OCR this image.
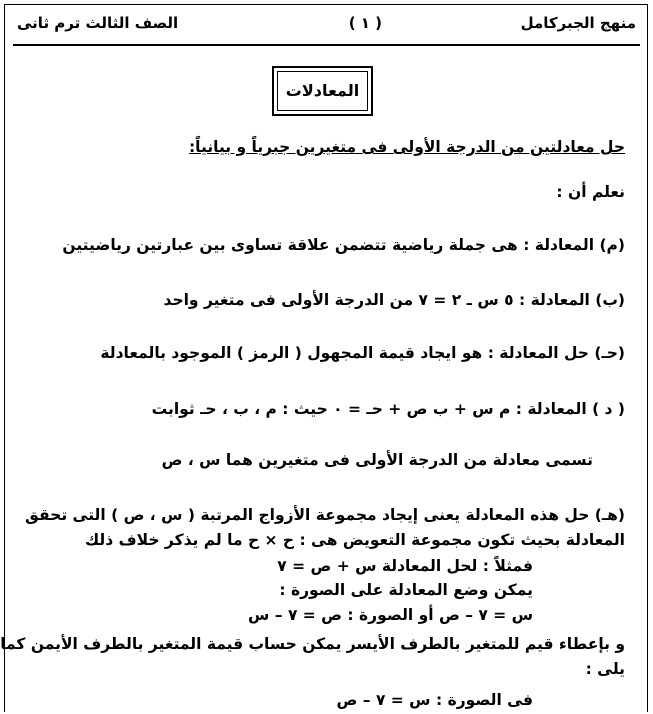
منهج الجبركامل
( ١ )
الصف الثالث ترم ثانى
المعادلات
حل معادلتين من الدرجة الأولى فى متغيرين جبرياً و بيانياً:
نعلم أن :
(م) المعادلة : هى جملة رياضية تتضمن علاقة تساوى بين عبارتين رياضيتين
(ب) المعادلة : ٥ س ـ ٢ = ٧ من الدرجة الأولى فى متغير واحد
(حـ) حل المعادلة : هو ايجاد قيمة المجهول ( الرمز ) الموجود بالمعادلة
( د ) المعادلة : م س + ب ص + حـ = ٠ حيث : م ، ب ، حـ ثوابت
تسمى معادلة من الدرجة الأولى فى متغيرين هما س ، ص
(هـ) حل هذه المعادلة يعنى إيجاد مجموعة الأزواج المرتبة ( س ، ص ) التى تحقق
المعادلة بحيث تكون مجموعة التعويض هى : ح × ح ما لم يذكر خلاف ذلك
فمثلاً : لحل المعادلة س + ص = ٧
يمكن وضع المعادلة على الصورة :
س = ٧ – ص أو الصورة : ص = ٧ – س
و بإعطاء قيم للمتغير بالطرف الأيسر يمكن حساب قيمة المتغير بالطرف الأيمن كما
يلى :
فى الصورة : س = ٧ – ص
